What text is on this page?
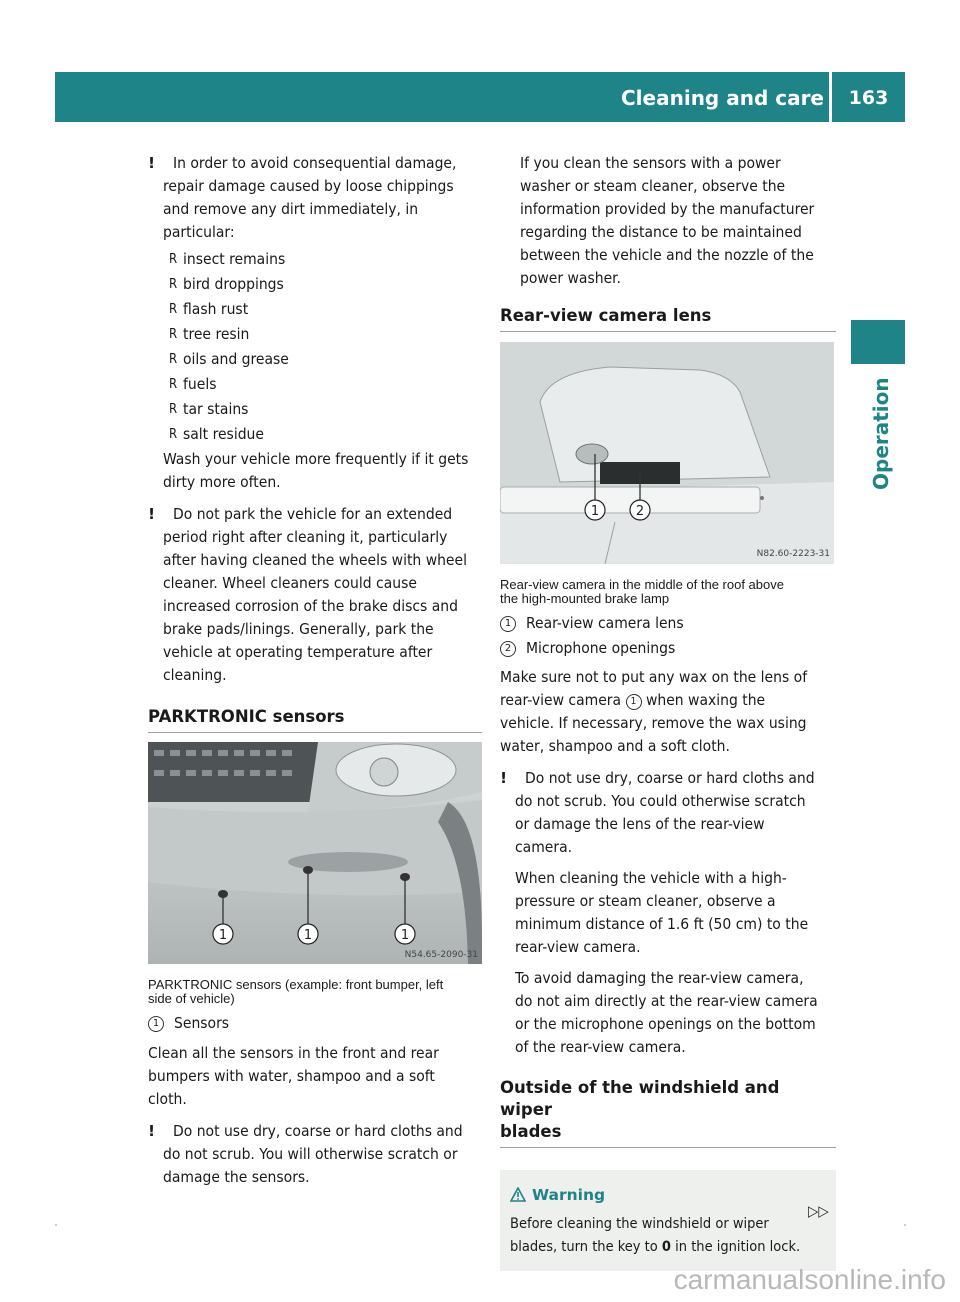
Cleaning and care	163
Operation
!	In order to avoid consequential damage,

repair damage caused by loose chippings

and remove any dirt immediately, in

particular:

R insect remains

R bird droppings

R flash rust

R tree resin

R oils and grease

R fuels

R tar stains

R salt residue

Wash your vehicle more frequently if it gets

dirty more often.

!	Do not park the vehicle for an extended

period right after cleaning it, particularly

after having cleaned the wheels with wheel

cleaner. Wheel cleaners could cause

increased corrosion of the brake discs and

brake pads/linings. Generally, park the

vehicle at operating temperature after

cleaning.

PARKTRONIC sensors
1	1	1
N54.65-2090-31

PARKTRONIC sensors (example: front bumper, left

side of vehicle)

1 Sensors

Clean all the sensors in the front and rear

bumpers with water, shampoo and a soft

cloth.

!	Do not use dry, coarse or hard cloths and

do not scrub. You will otherwise scratch or

damage the sensors.

If you clean the sensors with a power

washer or steam cleaner, observe the

information provided by the manufacturer

regarding the distance to be maintained

between the vehicle and the nozzle of the

power washer.

Rear-view camera lens
1	2
N82.60-2223-31

Rear-view camera in the middle of the roof above

the high-mounted brake lamp

1 Rear-view camera lens
2 Microphone openings

Make sure not to put any wax on the lens of

rear-view camera 1 when waxing the

vehicle. If necessary, remove the wax using

water, shampoo and a soft cloth.

!	Do not use dry, coarse or hard cloths and

do not scrub. You could otherwise scratch

or damage the lens of the rear-view

camera.

When cleaning the vehicle with a high-

pressure or steam cleaner, observe a

minimum distance of 1.6 ft (50 cm) to the

rear-view camera.

To avoid damaging the rear-view camera,

do not aim directly at the rear-view camera

or the microphone openings on the bottom

of the rear-view camera.

Outside of the windshield and wiper
blades
Warning

Before cleaning the windshield or wiper

blades, turn the key to 0 in the ignition lock.

▷▷
carmanualsonline.info
